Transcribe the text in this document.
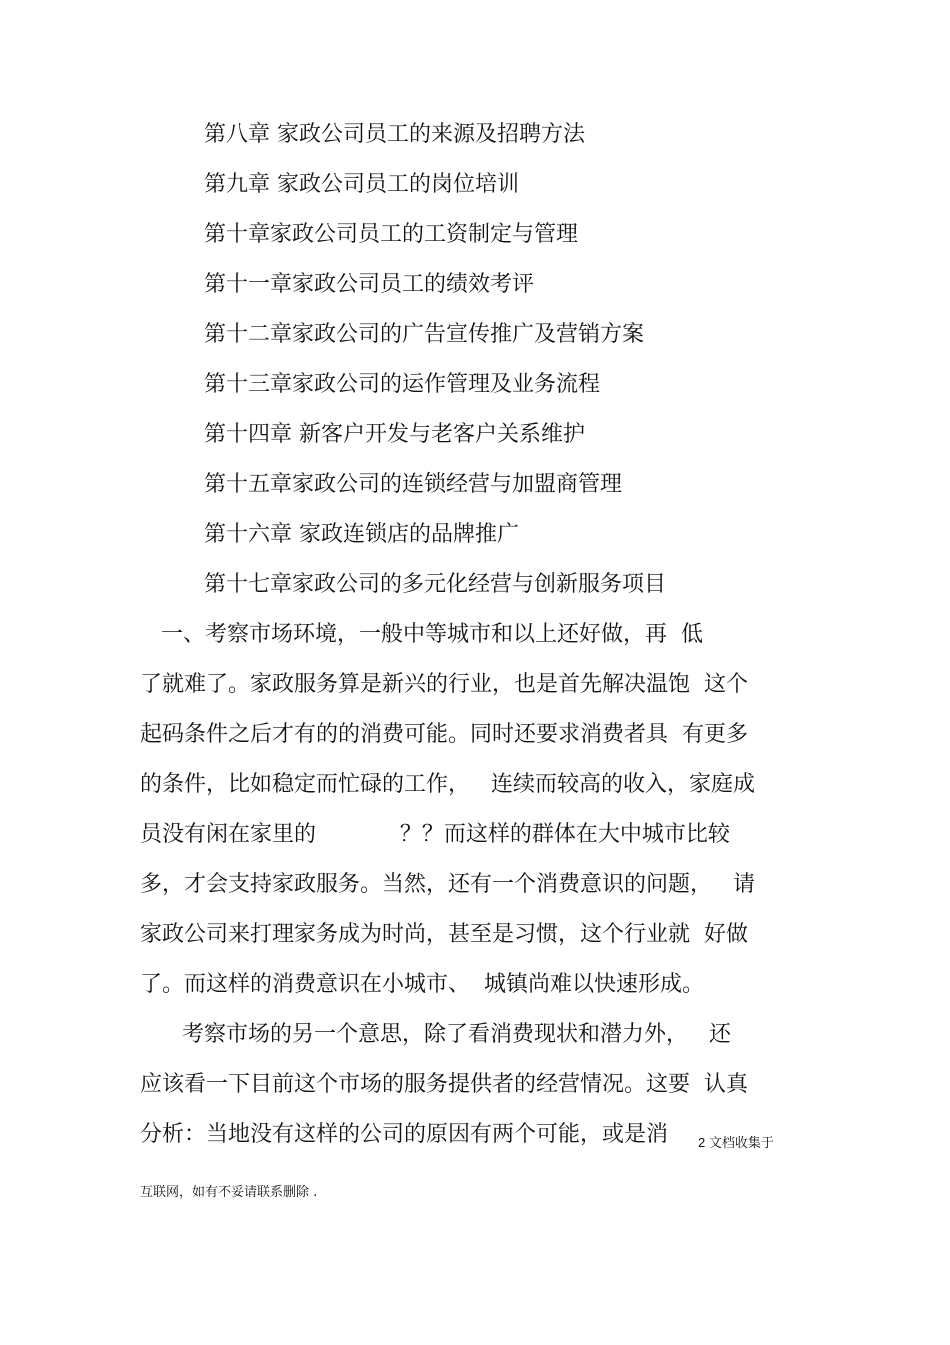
第八章 家政公司员工的来源及招聘方法
第九章 家政公司员工的岗位培训
第十章家政公司员工的工资制定与管理
第十一章家政公司员工的绩效考评
第十二章家政公司的广告宣传推广及营销方案
第十三章家政公司的运作管理及业务流程
第十四章 新客户开发与老客户关系维护
第十五章家政公司的连锁经营与加盟商管理
第十六章 家政连锁店的品牌推广
第十七章家政公司的多元化经营与创新服务项目
一、考察市场环境，一般中等城市和以上还好做，再  低
了就难了。家政服务算是新兴的行业，也是首先解决温饱  这个
起码条件之后才有的的消费可能。同时还要求消费者具  有更多
的条件，比如稳定而忙碌的工作，   连续而较高的收入，家庭成
员没有闲在家里的            ？？而这样的群体在大中城市比较
多，才会支持家政服务。当然，还有一个消费意识的问题，   请
家政公司来打理家务成为时尚，甚至是习惯，这个行业就  好做
了。而这样的消费意识在小城市、  城镇尚难以快速形成。
考察市场的另一个意思，除了看消费现状和潜力外，   还
应该看一下目前这个市场的服务提供者的经营情况。这要  认真
分析：当地没有这样的公司的原因有两个可能，或是消	2 文档收集于
互联网，如有不妥请联系删除 .
